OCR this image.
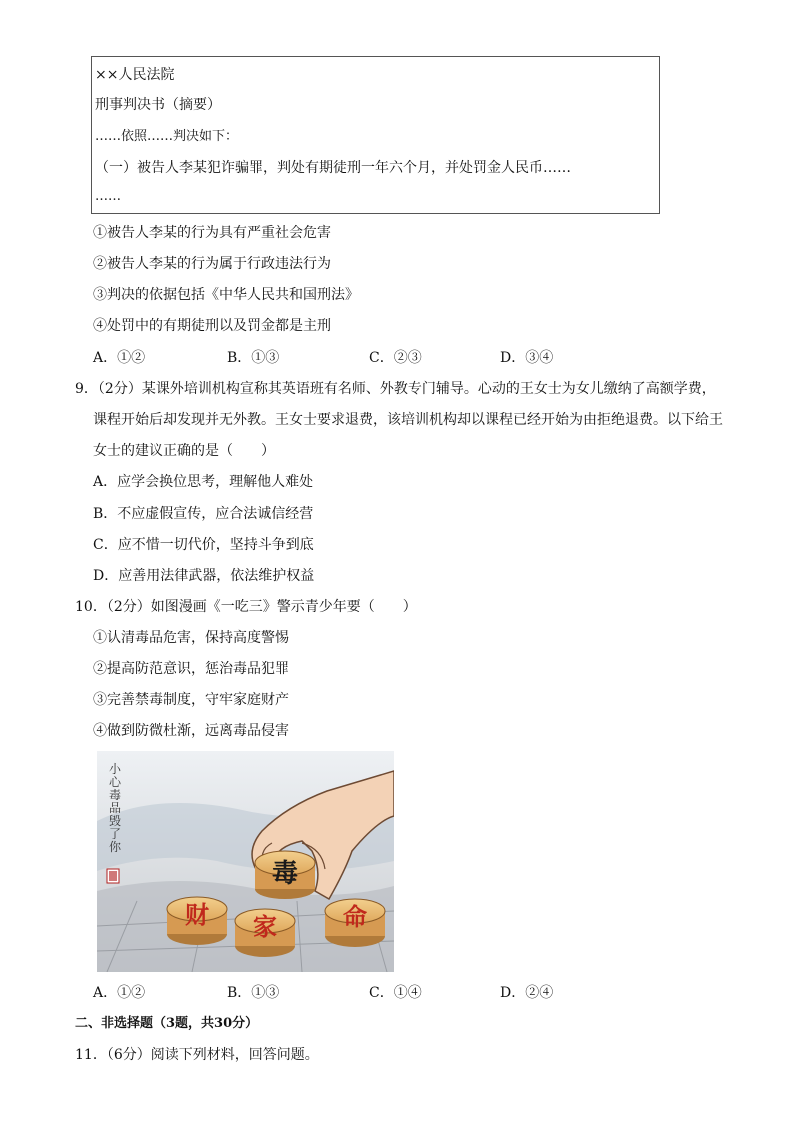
××人民法院
刑事判决书（摘要）
……依照……判决如下：
（一）被告人李某犯诈骗罪，判处有期徒刑一年六个月，并处罚金人民币……
……
①被告人李某的行为具有严重社会危害
②被告人李某的行为属于行政违法行为
③判决的依据包括《中华人民共和国刑法》
④处罚中的有期徒刑以及罚金都是主刑
A．①②	B．①③	C．②③	D．③④
9．（2分）某课外培训机构宣称其英语班有名师、外教专门辅导。心动的王女士为女儿缴纳了高额学费，
课程开始后却发现并无外教。王女士要求退费，该培训机构却以课程已经开始为由拒绝退费。以下给王
女士的建议正确的是（　　）
A．应学会换位思考，理解他人难处
B．不应虚假宣传，应合法诚信经营
C．应不惜一切代价，坚持斗争到底
D．应善用法律武器，依法维护权益
10．（2分）如图漫画《一吃三》警示青少年要（　　）
①认清毒品危害，保持高度警惕
②提高防范意识，惩治毒品犯罪
③完善禁毒制度，守牢家庭财产
④做到防微杜渐，远离毒品侵害
毒
财 家	命
小心毒品毁了你
A．①②	B．①③	C．①④	D．②④
二、非选择题（3题，共30分）
11．（6分）阅读下列材料，回答问题。
